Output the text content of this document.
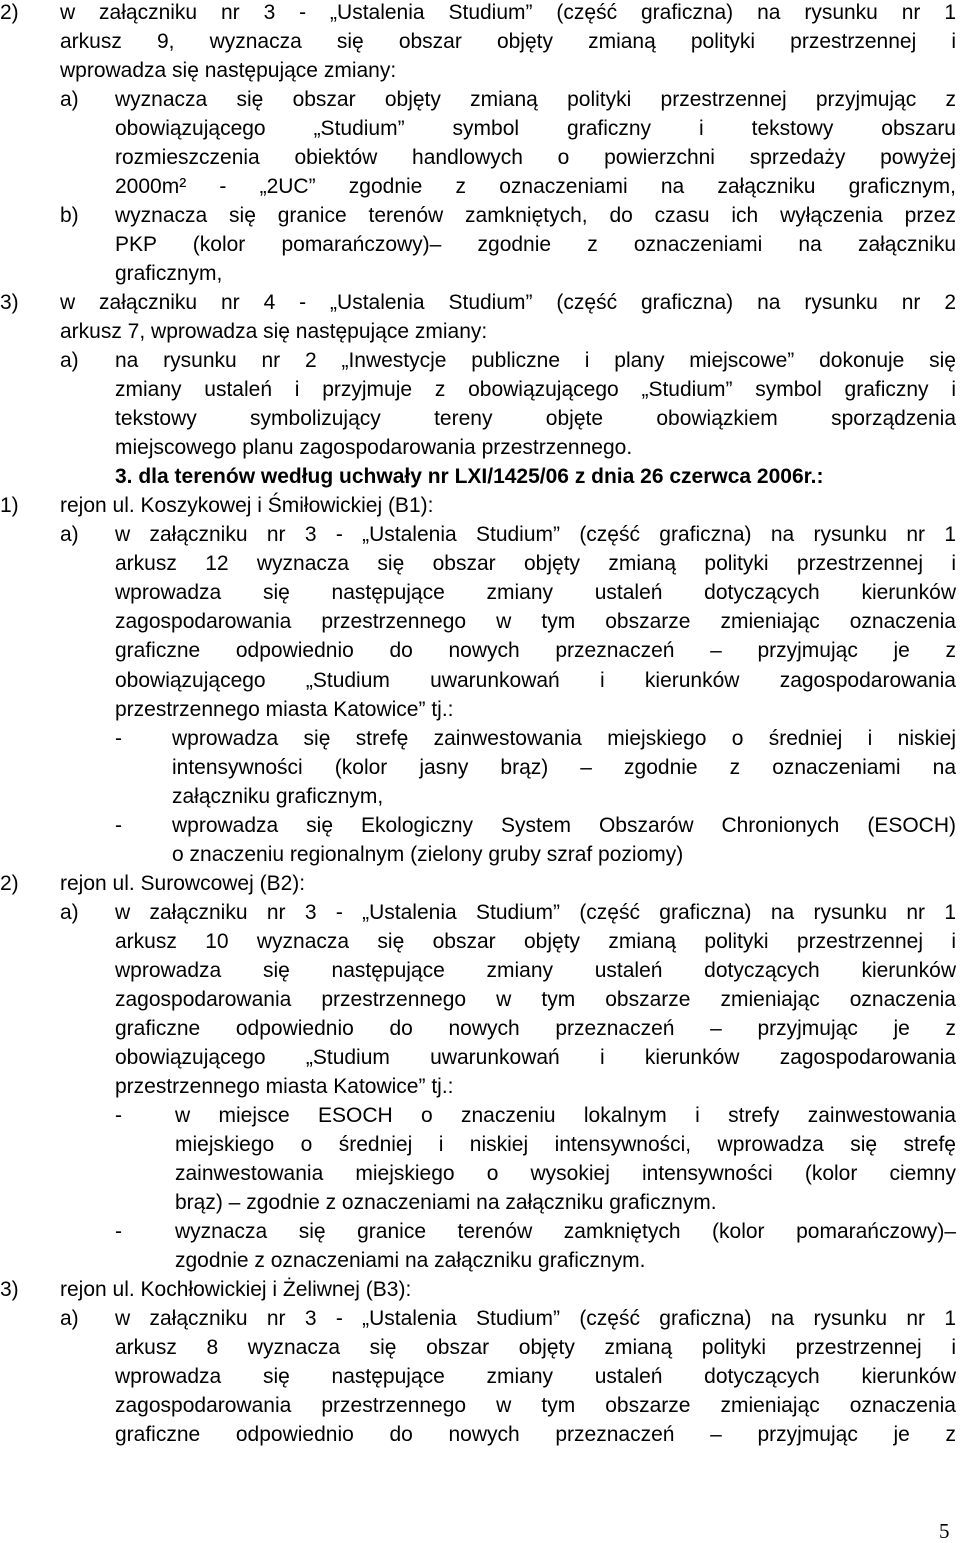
5
2) w załączniku nr 3 - „Ustalenia Studium” (część graficzna) na rysunku nr 1
arkusz 9, wyznacza się obszar objęty zmianą polityki przestrzennej i
wprowadza się następujące zmiany:
a) wyznacza się obszar objęty zmianą polityki przestrzennej przyjmując z
obowiązującego „Studium” symbol graficzny i tekstowy obszaru
rozmieszczenia obiektów handlowych o powierzchni sprzedaży powyżej
2000m² - „2UC” zgodnie z oznaczeniami na załączniku graficznym,
b) wyznacza się granice terenów zamkniętych, do czasu ich wyłączenia przez
PKP (kolor pomarańczowy)– zgodnie z oznaczeniami na załączniku
graficznym,
3) w załączniku nr 4 - „Ustalenia Studium” (część graficzna) na rysunku nr 2
arkusz 7, wprowadza się następujące zmiany:
a) na rysunku nr 2 „Inwestycje publiczne i plany miejscowe” dokonuje się
zmiany ustaleń i przyjmuje z obowiązującego „Studium” symbol graficzny i
tekstowy symbolizujący tereny objęte obowiązkiem sporządzenia
miejscowego planu zagospodarowania przestrzennego.
3. dla terenów według uchwały nr LXI/1425/06 z dnia 26 czerwca 2006r.:
1) rejon ul. Koszykowej i Śmiłowickiej (B1):
a) w załączniku nr 3 - „Ustalenia Studium” (część graficzna) na rysunku nr 1
arkusz 12 wyznacza się obszar objęty zmianą polityki przestrzennej i
wprowadza się następujące zmiany ustaleń dotyczących kierunków
zagospodarowania przestrzennego w tym obszarze zmieniając oznaczenia
graficzne odpowiednio do nowych przeznaczeń – przyjmując je z
obowiązującego „Studium uwarunkowań i kierunków zagospodarowania
przestrzennego miasta Katowice” tj.:
- wprowadza się strefę zainwestowania miejskiego o średniej i niskiej
intensywności (kolor jasny brąz) – zgodnie z oznaczeniami na
załączniku graficznym,
- wprowadza się Ekologiczny System Obszarów Chronionych (ESOCH)
o znaczeniu regionalnym (zielony gruby szraf poziomy)
2) rejon ul. Surowcowej (B2):
a) w załączniku nr 3 - „Ustalenia Studium” (część graficzna) na rysunku nr 1
arkusz 10 wyznacza się obszar objęty zmianą polityki przestrzennej i
wprowadza się następujące zmiany ustaleń dotyczących kierunków
zagospodarowania przestrzennego w tym obszarze zmieniając oznaczenia
graficzne odpowiednio do nowych przeznaczeń – przyjmując je z
obowiązującego „Studium uwarunkowań i kierunków zagospodarowania
przestrzennego miasta Katowice” tj.:
-	w miejsce ESOCH o znaczeniu lokalnym i strefy zainwestowania
miejskiego o średniej i niskiej intensywności, wprowadza się strefę
zainwestowania miejskiego o wysokiej intensywności (kolor ciemny
brąz) – zgodnie z oznaczeniami na załączniku graficznym.
-	wyznacza się granice terenów zamkniętych (kolor pomarańczowy)–
zgodnie z oznaczeniami na załączniku graficznym.
3) rejon ul. Kochłowickiej i Żeliwnej (B3):
a) w załączniku nr 3 - „Ustalenia Studium” (część graficzna) na rysunku nr 1
arkusz 8 wyznacza się obszar objęty zmianą polityki przestrzennej i
wprowadza się następujące zmiany ustaleń dotyczących kierunków
zagospodarowania przestrzennego w tym obszarze zmieniając oznaczenia
graficzne odpowiednio do nowych przeznaczeń – przyjmując je z
